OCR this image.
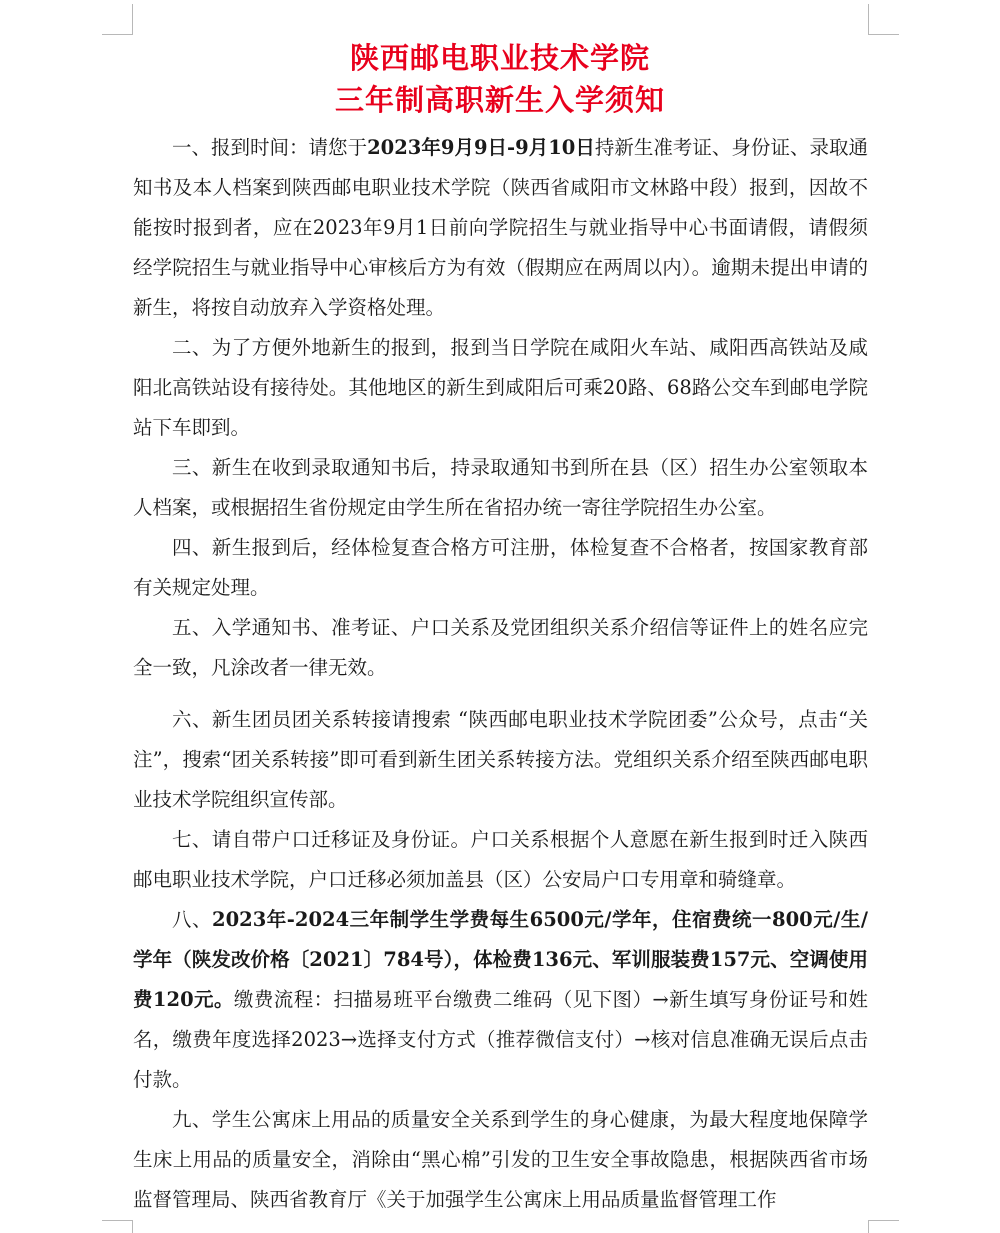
陕西邮电职业技术学院
三年制高职新生入学须知

一、报到时间：请您于2023年9月9日-9月10日持新生准考证、身份证、录取通知书及本人档案到陕西邮电职业技术学院（陕西省咸阳市文林路中段）报到，因故不能按时报到者，应在2023年9月1日前向学院招生与就业指导中心书面请假，请假须经学院招生与就业指导中心审核后方为有效（假期应在两周以内）。逾期未提出申请的新生，将按自动放弃入学资格处理。

二、为了方便外地新生的报到，报到当日学院在咸阳火车站、咸阳西高铁站及咸阳北高铁站设有接待处。其他地区的新生到咸阳后可乘20路、68路公交车到邮电学院站下车即到。

三、新生在收到录取通知书后，持录取通知书到所在县（区）招生办公室领取本人档案，或根据招生省份规定由学生所在省招办统一寄往学院招生办公室。

四、新生报到后，经体检复查合格方可注册，体检复查不合格者，按国家教育部有关规定处理。

五、入学通知书、准考证、户口关系及党团组织关系介绍信等证件上的姓名应完全一致，凡涂改者一律无效。

六、新生团员团关系转接请搜索 “陕西邮电职业技术学院团委”公众号，点击“关注”，搜索“团关系转接”即可看到新生团关系转接方法。党组织关系介绍至陕西邮电职业技术学院组织宣传部。

七、请自带户口迁移证及身份证。户口关系根据个人意愿在新生报到时迁入陕西邮电职业技术学院，户口迁移必须加盖县（区）公安局户口专用章和骑缝章。

八、2023年-2024三年制学生学费每生6500元/学年，住宿费统一800元/生/学年（陕发改价格〔2021〕784号），体检费136元、军训服装费157元、空调使用费120元。缴费流程：扫描易班平台缴费二维码（见下图）→新生填写身份证号和姓名，缴费年度选择2023→选择支付方式（推荐微信支付）→核对信息准确无误后点击付款。

九、学生公寓床上用品的质量安全关系到学生的身心健康，为最大程度地保障学生床上用品的质量安全，消除由“黑心棉”引发的卫生安全事故隐患，根据陕西省市场监督管理局、陕西省教育厅《关于加强学生公寓床上用品质量监督管理工作
